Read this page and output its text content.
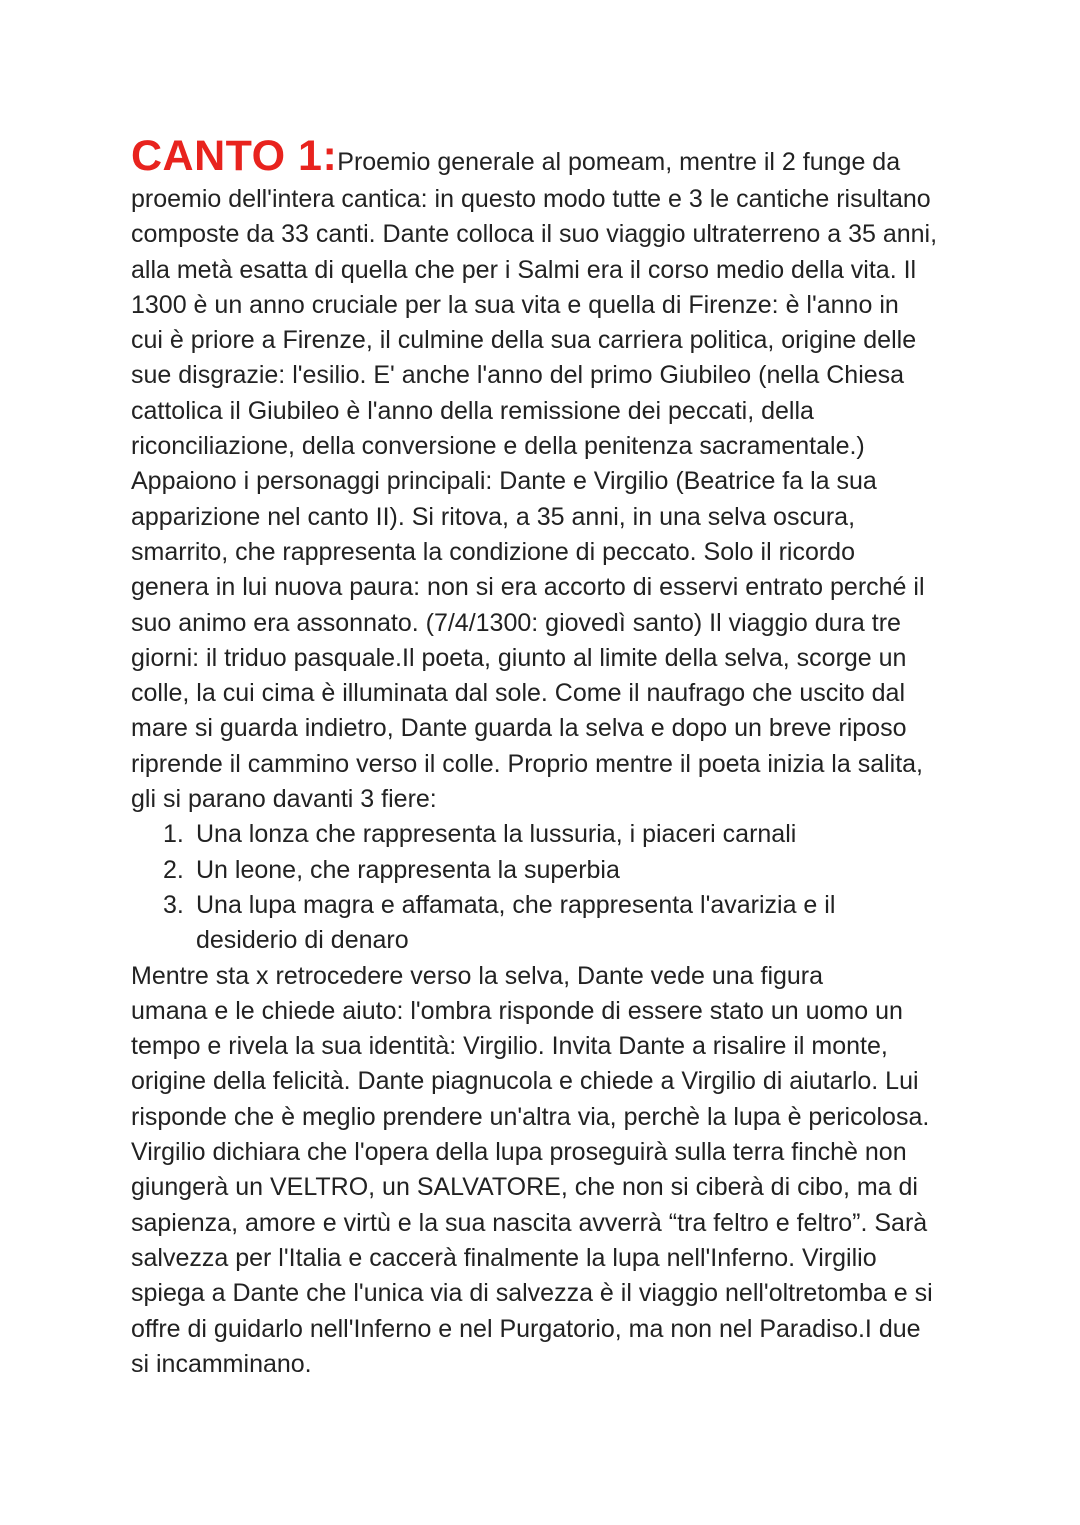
CANTO 1:Proemio generale al pomeam, mentre il 2 funge da
proemio dell'intera cantica: in questo modo tutte e 3 le cantiche risultano
composte da 33 canti. Dante colloca il suo viaggio ultraterreno a 35 anni,
alla metà esatta di quella che per i Salmi era il corso medio della vita. Il
1300 è un anno cruciale per la sua vita e quella di Firenze: è l'anno in
cui è priore a Firenze, il culmine della sua carriera politica, origine delle
sue disgrazie: l'esilio. E' anche l'anno del primo Giubileo (nella Chiesa
cattolica il Giubileo è l'anno della remissione dei peccati, della
riconciliazione, della conversione e della penitenza sacramentale.)
Appaiono i personaggi principali: Dante e Virgilio (Beatrice fa la sua
apparizione nel canto II). Si ritova, a 35 anni, in una selva oscura,
smarrito, che rappresenta la condizione di peccato. Solo il ricordo
genera in lui nuova paura: non si era accorto di esservi entrato perché il
suo animo era assonnato. (7/4/1300: giovedì santo) Il viaggio dura tre
giorni: il triduo pasquale.Il poeta, giunto al limite della selva, scorge un
colle, la cui cima è illuminata dal sole. Come il naufrago che uscito dal
mare si guarda indietro, Dante guarda la selva e dopo un breve riposo
riprende il cammino verso il colle. Proprio mentre il poeta inizia la salita,
gli si parano davanti 3 fiere:
1. Una lonza che rappresenta la lussuria, i piaceri carnali
2. Un leone, che rappresenta la superbia
3. Una lupa magra e affamata, che rappresenta l'avarizia e il
desiderio di denaro
Mentre sta x retrocedere verso la selva, Dante vede una figura
umana e le chiede aiuto: l'ombra risponde di essere stato un uomo un
tempo e rivela la sua identità: Virgilio. Invita Dante a risalire il monte,
origine della felicità. Dante piagnucola e chiede a Virgilio di aiutarlo. Lui
risponde che è meglio prendere un'altra via, perchè la lupa è pericolosa.
Virgilio dichiara che l'opera della lupa proseguirà sulla terra finchè non
giungerà un VELTRO, un SALVATORE, che non si ciberà di cibo, ma di
sapienza, amore e virtù e la sua nascita avverrà “tra feltro e feltro”. Sarà
salvezza per l'Italia e caccerà finalmente la lupa nell'Inferno. Virgilio
spiega a Dante che l'unica via di salvezza è il viaggio nell'oltretomba e si
offre di guidarlo nell'Inferno e nel Purgatorio, ma non nel Paradiso.I due
si incamminano.
